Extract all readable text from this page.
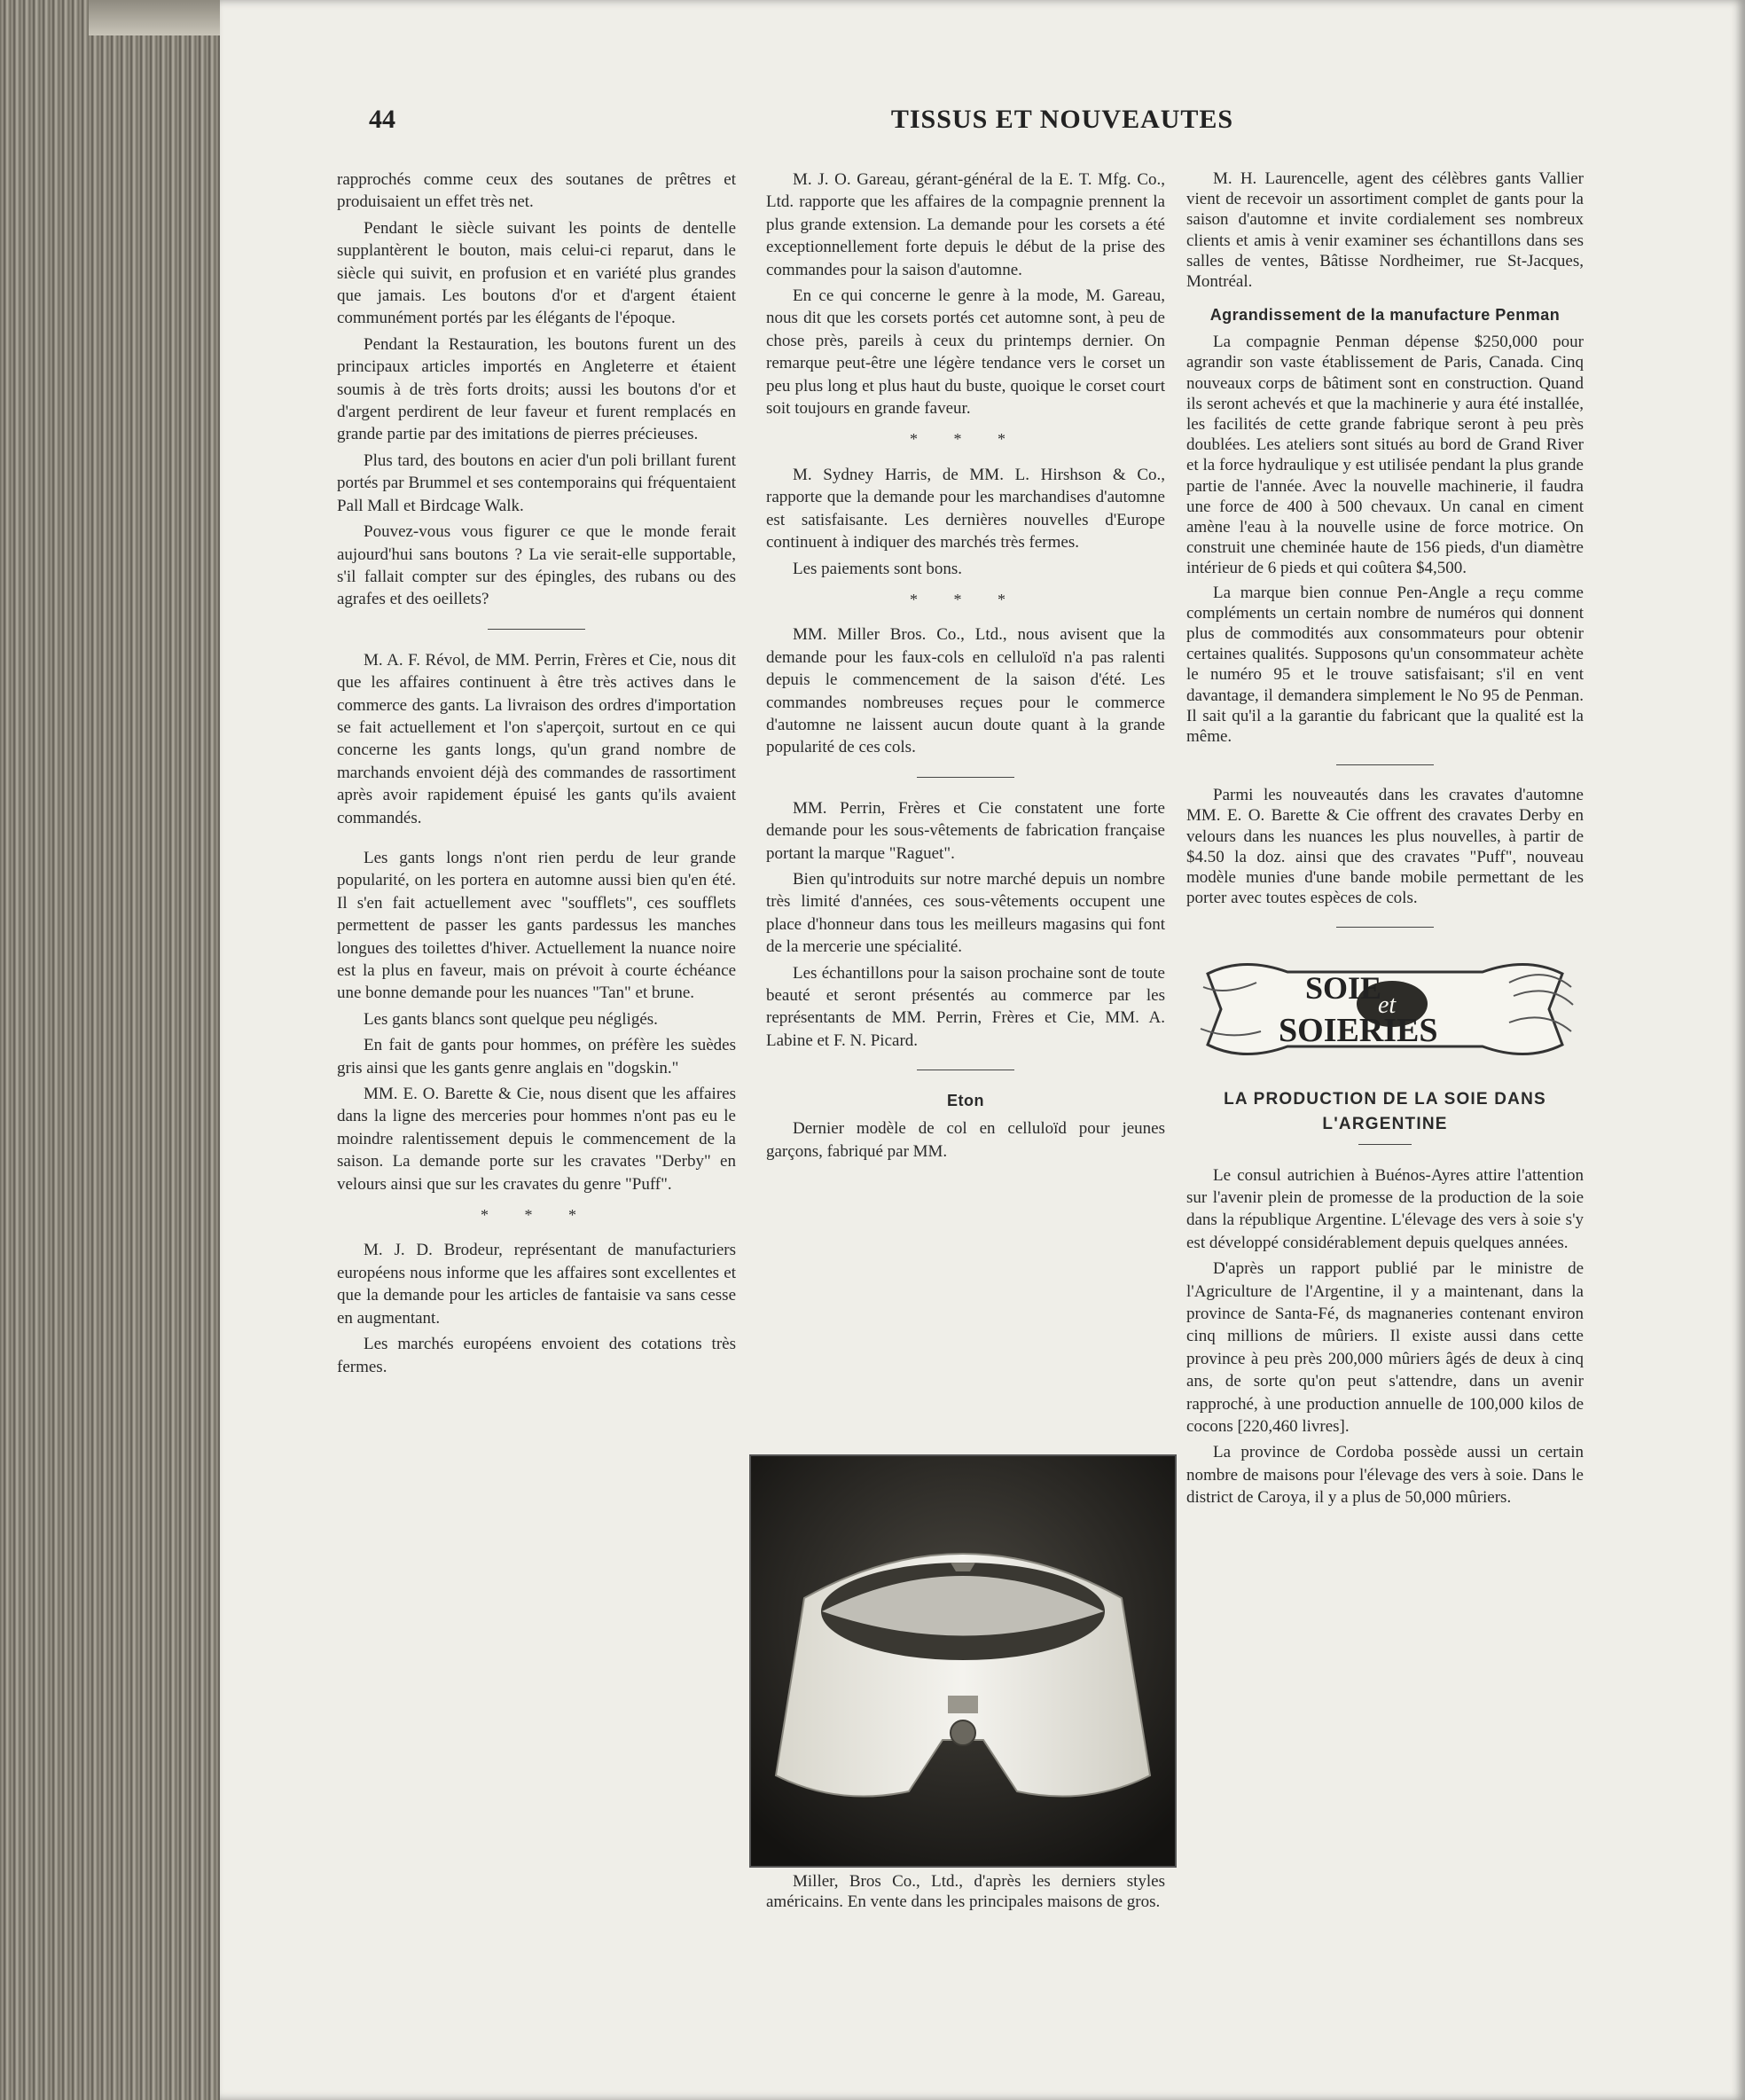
44	TISSUS ET NOUVEAUTES

rapprochés comme ceux des soutanes de prêtres et produisaient un effet très net.

Pendant le siècle suivant les points de dentelle supplantèrent le bouton, mais celui-ci reparut, dans le siècle qui suivit, en profusion et en variété plus grandes que jamais. Les boutons d'or et d'argent étaient communément portés par les élégants de l'époque.

Pendant la Restauration, les boutons furent un des principaux articles importés en Angleterre et étaient soumis à de très forts droits; aussi les boutons d'or et d'argent perdirent de leur faveur et furent remplacés en grande partie par des imitations de pierres précieuses.

Plus tard, des boutons en acier d'un poli brillant furent portés par Brummel et ses contemporains qui fréquentaient Pall Mall et Birdcage Walk.

Pouvez-vous vous figurer ce que le monde ferait aujourd'hui sans boutons ? La vie serait-elle supportable, s'il fallait compter sur des épingles, des rubans ou des agrafes et des oeillets?

M. A. F. Révol, de MM. Perrin, Frères et Cie, nous dit que les affaires continuent à être très actives dans le commerce des gants. La livraison des ordres d'importation se fait actuellement et l'on s'aperçoit, surtout en ce qui concerne les gants longs, qu'un grand nombre de marchands envoient déjà des commandes de rassortiment après avoir rapidement épuisé les gants qu'ils avaient commandés.

Les gants longs n'ont rien perdu de leur grande popularité, on les portera en automne aussi bien qu'en été. Il s'en fait actuellement avec "soufflets", ces soufflets permettent de passer les gants pardessus les manches longues des toilettes d'hiver. Actuellement la nuance noire est la plus en faveur, mais on prévoit à courte échéance une bonne demande pour les nuances "Tan" et brune.

Les gants blancs sont quelque peu négligés.

En fait de gants pour hommes, on préfère les suèdes gris ainsi que les gants genre anglais en "dogskin."

MM. E. O. Barette & Cie, nous disent que les affaires dans la ligne des merceries pour hommes n'ont pas eu le moindre ralentissement depuis le commencement de la saison. La demande porte sur les cravates "Derby" en velours ainsi que sur les cravates du genre "Puff".

* * *

M. J. D. Brodeur, représentant de manufacturiers européens nous informe que les affaires sont excellentes et que la demande pour les articles de fantaisie va sans cesse en augmentant.

Les marchés européens envoient des cotations très fermes.

M. J. O. Gareau, gérant-général de la E. T. Mfg. Co., Ltd. rapporte que les affaires de la compagnie prennent la plus grande extension. La demande pour les corsets a été exceptionnellement forte depuis le début de la prise des commandes pour la saison d'automne.

En ce qui concerne le genre à la mode, M. Gareau, nous dit que les corsets portés cet automne sont, à peu de chose près, pareils à ceux du printemps dernier. On remarque peut-être une légère tendance vers le corset un peu plus long et plus haut du buste, quoique le corset court soit toujours en grande faveur.

* * *

M. Sydney Harris, de MM. L. Hirshson & Co., rapporte que la demande pour les marchandises d'automne est satisfaisante. Les dernières nouvelles d'Europe continuent à indiquer des marchés très fermes.

Les paiements sont bons.

* * *

MM. Miller Bros. Co., Ltd., nous avisent que la demande pour les faux-cols en celluloïd n'a pas ralenti depuis le commencement de la saison d'été. Les commandes nombreuses reçues pour le commerce d'automne ne laissent aucun doute quant à la grande popularité de ces cols.

MM. Perrin, Frères et Cie constatent une forte demande pour les sous-vêtements de fabrication française portant la marque "Raguet".

Bien qu'introduits sur notre marché depuis un nombre très limité d'années, ces sous-vêtements occupent une place d'honneur dans tous les meilleurs magasins qui font de la mercerie une spécialité.

Les échantillons pour la saison prochaine sont de toute beauté et seront présentés au commerce par les représentants de MM. Perrin, Frères et Cie, MM. A. Labine et F. N. Picard.

Eton

Dernier modèle de col en celluloïd pour jeunes garçons, fabriqué par MM.

Miller, Bros Co., Ltd., d'après les derniers styles américains. En vente dans les principales maisons de gros.

M. H. Laurencelle, agent des célèbres gants Vallier vient de recevoir un assortiment complet de gants pour la saison d'automne et invite cordialement ses nombreux clients et amis à venir examiner ses échantillons dans ses salles de ventes, Bâtisse Nordheimer, rue St-Jacques, Montréal.

Agrandissement de la manufacture Penman

La compagnie Penman dépense $250,000 pour agrandir son vaste établissement de Paris, Canada. Cinq nouveaux corps de bâtiment sont en construction. Quand ils seront achevés et que la machinerie y aura été installée, les facilités de cette grande fabrique seront à peu près doublées. Les ateliers sont situés au bord de Grand River et la force hydraulique y est utilisée pendant la plus grande partie de l'année. Avec la nouvelle machinerie, il faudra une force de 400 à 500 chevaux. Un canal en ciment amène l'eau à la nouvelle usine de force motrice. On construit une cheminée haute de 156 pieds, d'un diamètre intérieur de 6 pieds et qui coûtera $4,500.

La marque bien connue Pen-Angle a reçu comme compléments un certain nombre de numéros qui donnent plus de commodités aux consommateurs pour obtenir certaines qualités. Supposons qu'un consommateur achète le numéro 95 et le trouve satisfaisant; s'il en vent davantage, il demandera simplement le No 95 de Penman. Il sait qu'il a la garantie du fabricant que la qualité est la même.

Parmi les nouveautés dans les cravates d'automne MM. E. O. Barette & Cie offrent des cravates Derby en velours dans les nuances les plus nouvelles, à partir de $4.50 la doz. ainsi que des cravates "Puff", nouveau modèle munies d'une bande mobile permettant de les porter avec toutes espèces de cols.

SOIE
et
SOIERIES
LA PRODUCTION DE LA SOIE DANS L'ARGENTINE

Le consul autrichien à Buénos-Ayres attire l'attention sur l'avenir plein de promesse de la production de la soie dans la république Argentine. L'élevage des vers à soie s'y est développé considérablement depuis quelques années.

D'après un rapport publié par le ministre de l'Agriculture de l'Argentine, il y a maintenant, dans la province de Santa-Fé, ds magnaneries contenant environ cinq millions de mûriers. Il existe aussi dans cette province à peu près 200,000 mûriers âgés de deux à cinq ans, de sorte qu'on peut s'attendre, dans un avenir rapproché, à une production annuelle de 100,000 kilos de cocons [220,460 livres].

La province de Cordoba possède aussi un certain nombre de maisons pour l'élevage des vers à soie. Dans le district de Caroya, il y a plus de 50,000 mûriers.
